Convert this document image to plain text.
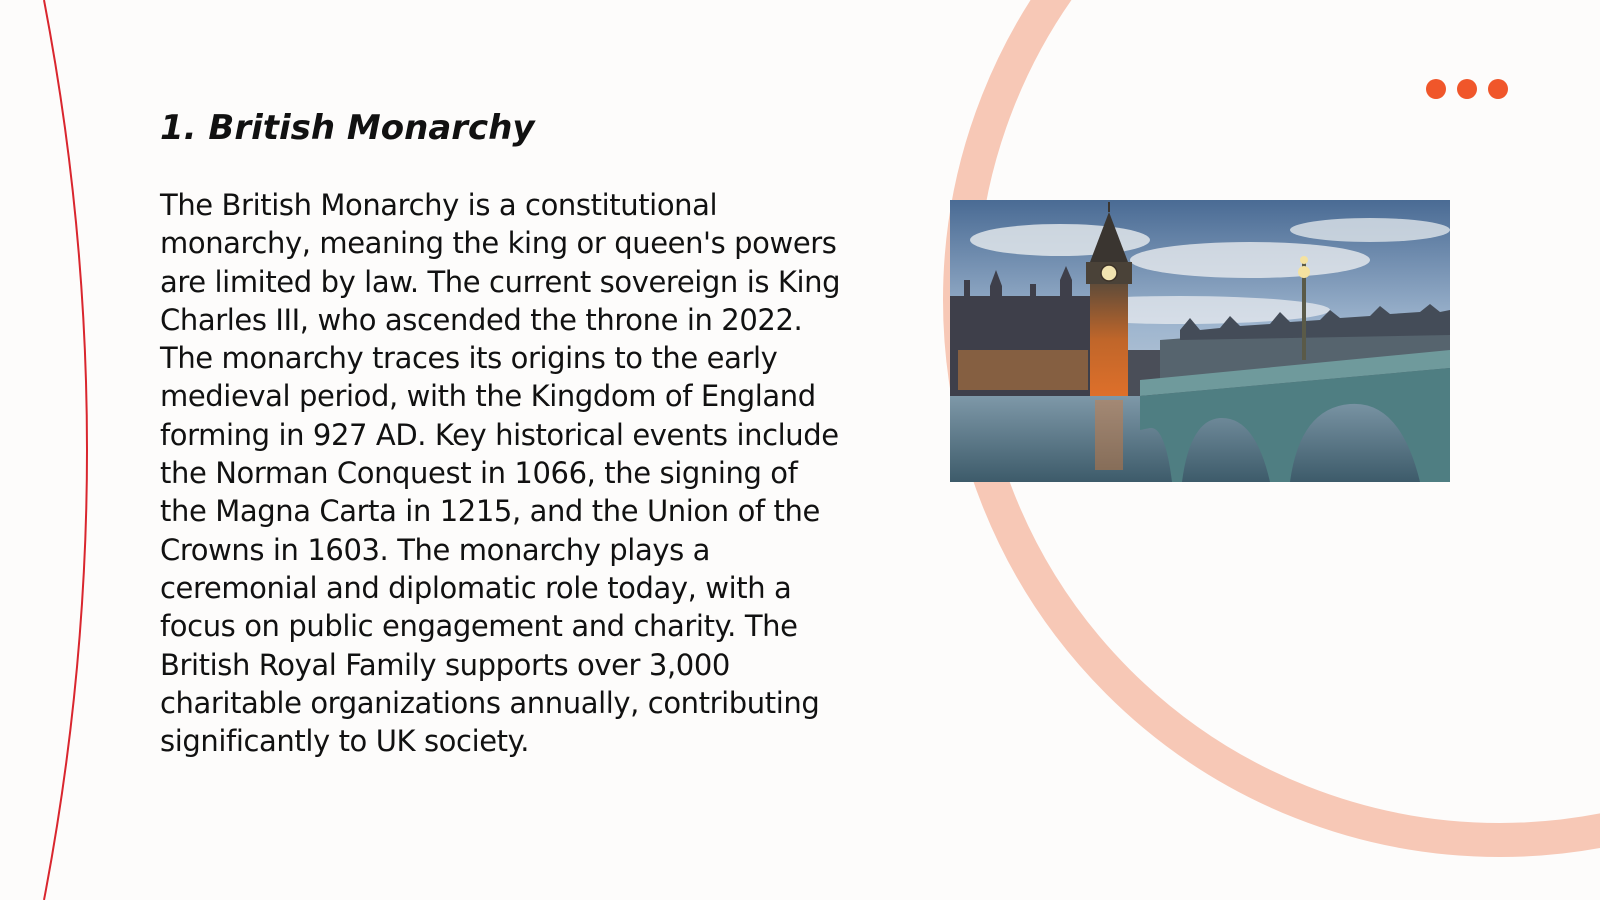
1. British Monarchy

The British Monarchy is a constitutional monarchy, meaning the king or queen's powers are limited by law. The current sovereign is King Charles III, who ascended the throne in 2022. The monarchy traces its origins to the early medieval period, with the Kingdom of England forming in 927 AD. Key historical events include the Norman Conquest in 1066, the signing of the Magna Carta in 1215, and the Union of the Crowns in 1603. The monarchy plays a ceremonial and diplomatic role today, with a focus on public engagement and charity. The British Royal Family supports over 3,000 charitable organizations annually, contributing significantly to UK society.
